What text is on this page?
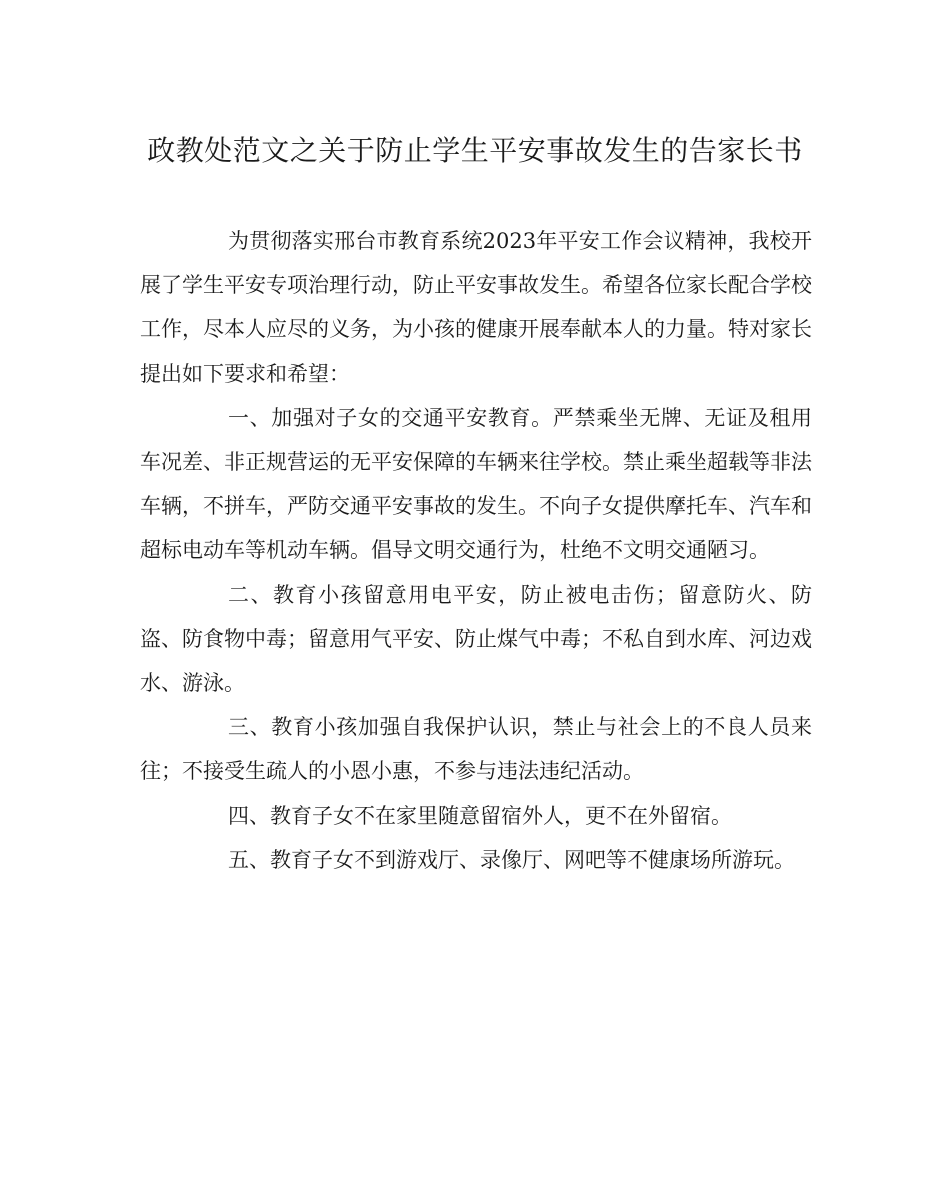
政教处范文之关于防止学生平安事故发生的告家长书

为贯彻落实邢台市教育系统2023年平安工作会议精神，我校开展了学生平安专项治理行动，防止平安事故发生。希望各位家长配合学校工作，尽本人应尽的义务，为小孩的健康开展奉献本人的力量。特对家长提出如下要求和希望：

一、加强对子女的交通平安教育。严禁乘坐无牌、无证及租用车况差、非正规营运的无平安保障的车辆来往学校。禁止乘坐超载等非法车辆，不拼车，严防交通平安事故的发生。不向子女提供摩托车、汽车和超标电动车等机动车辆。倡导文明交通行为，杜绝不文明交通陋习。

二、教育小孩留意用电平安，防止被电击伤；留意防火、防盗、防食物中毒；留意用气平安、防止煤气中毒；不私自到水库、河边戏水、游泳。

三、教育小孩加强自我保护认识，禁止与社会上的不良人员来往；不接受生疏人的小恩小惠，不参与违法违纪活动。

四、教育子女不在家里随意留宿外人，更不在外留宿。

五、教育子女不到游戏厅、录像厅、网吧等不健康场所游玩。
